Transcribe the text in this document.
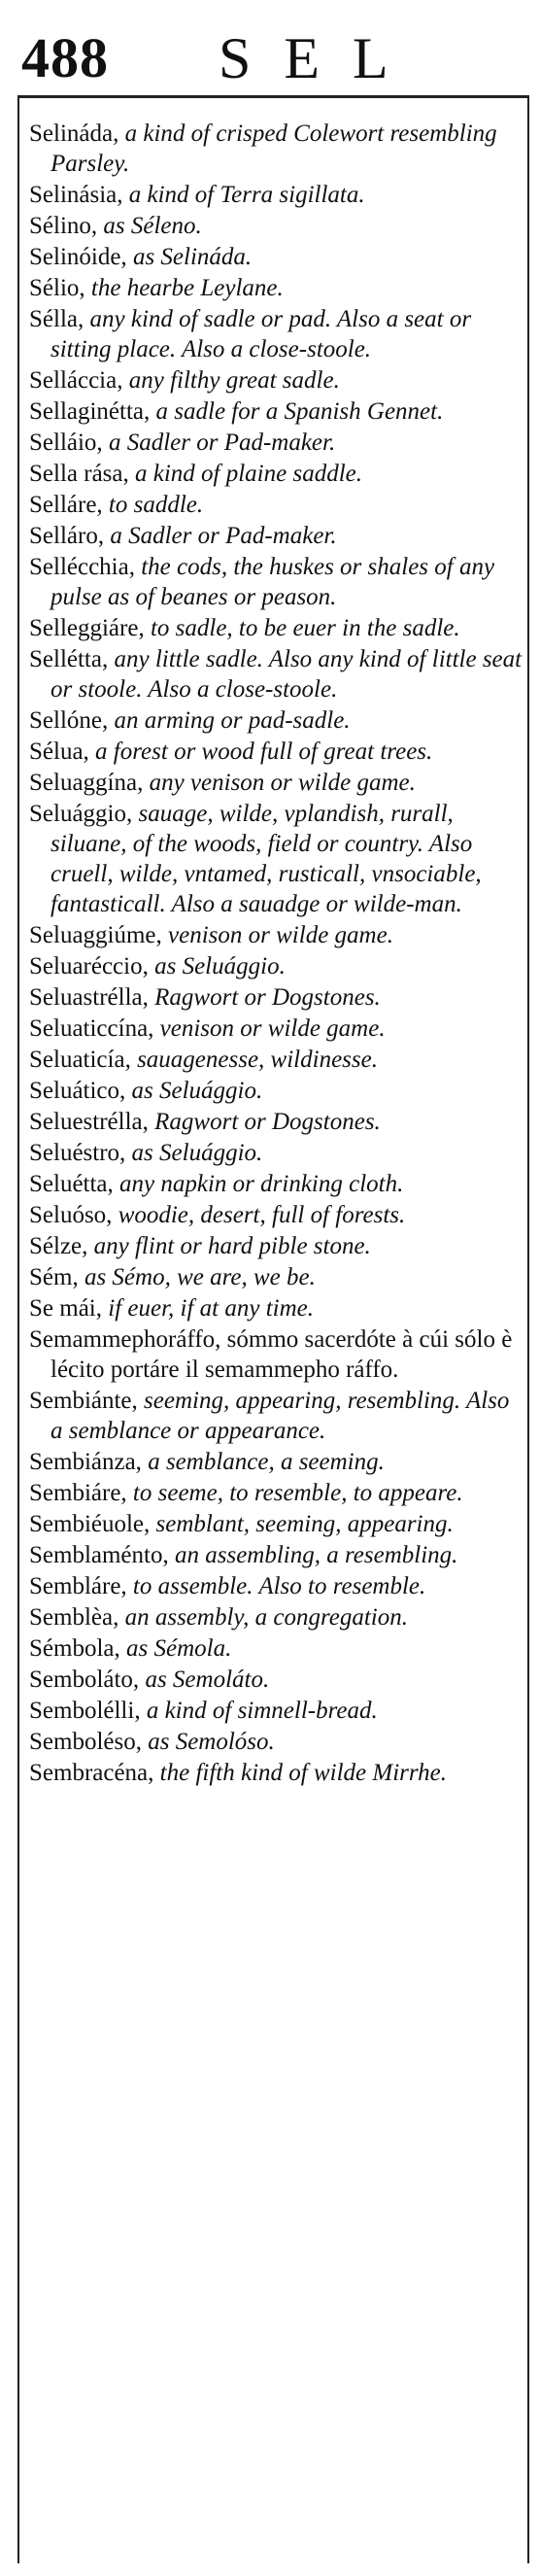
488 SEL

Selináda, a kind of crisped Colewort resembling Parsley.

Selinásia, a kind of Terra sigillata.

Sélino, as Séleno.

Selinóide, as Selináda.

Sélio, the hearbe Leylane.

Sélla, any kind of sadle or pad. Also a seat or sitting place. Also a close-stoole.

Selláccia, any filthy great sadle.

Sellaginétta, a sadle for a Spanish Gennet.

Selláio, a Sadler or Pad-maker.

Sella rása, a kind of plaine saddle.

Selláre, to saddle.

Selláro, a Sadler or Pad-maker.

Sellécchia, the cods, the huskes or shales of any pulse as of beanes or peason.

Selleggiáre, to sadle, to be euer in the sadle.

Sellétta, any little sadle. Also any kind of little seat or stoole. Also a close-stoole.

Sellóne, an arming or pad-sadle.

Sélua, a forest or wood full of great trees.

Seluaggína, any venison or wilde game.

Seluággio, sauage, wilde, vplandish, rurall, siluane, of the woods, field or country. Also cruell, wilde, vntamed, rusticall, vnsociable, fantasticall. Also a sauadge or wilde-man.

Seluaggiúme, venison or wilde game.

Seluaréccio, as Seluággio.

Seluastrélla, Ragwort or Dogstones.

Seluaticcína, venison or wilde game.

Seluaticía, sauagenesse, wildinesse.

Seluático, as Seluággio.

Seluestrélla, Ragwort or Dogstones.

Seluéstro, as Seluággio.

Seluétta, any napkin or drinking cloth.

Seluóso, woodie, desert, full of forests.

Sélze, any flint or hard pible stone.

Sém, as Sémo, we are, we be.

Se mái, if euer, if at any time.

Semammephoráffo, sómmo sacerdóte à cúi sólo è lécito portáre il semammepho ráffo.

Sembiánte, seeming, appearing, resembling. Also a semblance or appearance.

Sembiánza, a semblance, a seeming.

Sembiáre, to seeme, to resemble, to appeare.

Sembiéuole, semblant, seeming, appearing.

Semblaménto, an assembling, a resembling.

Sembláre, to assemble. Also to resemble.

Semblèa, an assembly, a congregation.

Sémbola, as Sémola.

Semboláto, as Semoláto.

Sembolélli, a kind of simnell-bread.

Semboléso, as Semolóso.

Sembracéna, the fifth kind of wilde Mirrhe.
